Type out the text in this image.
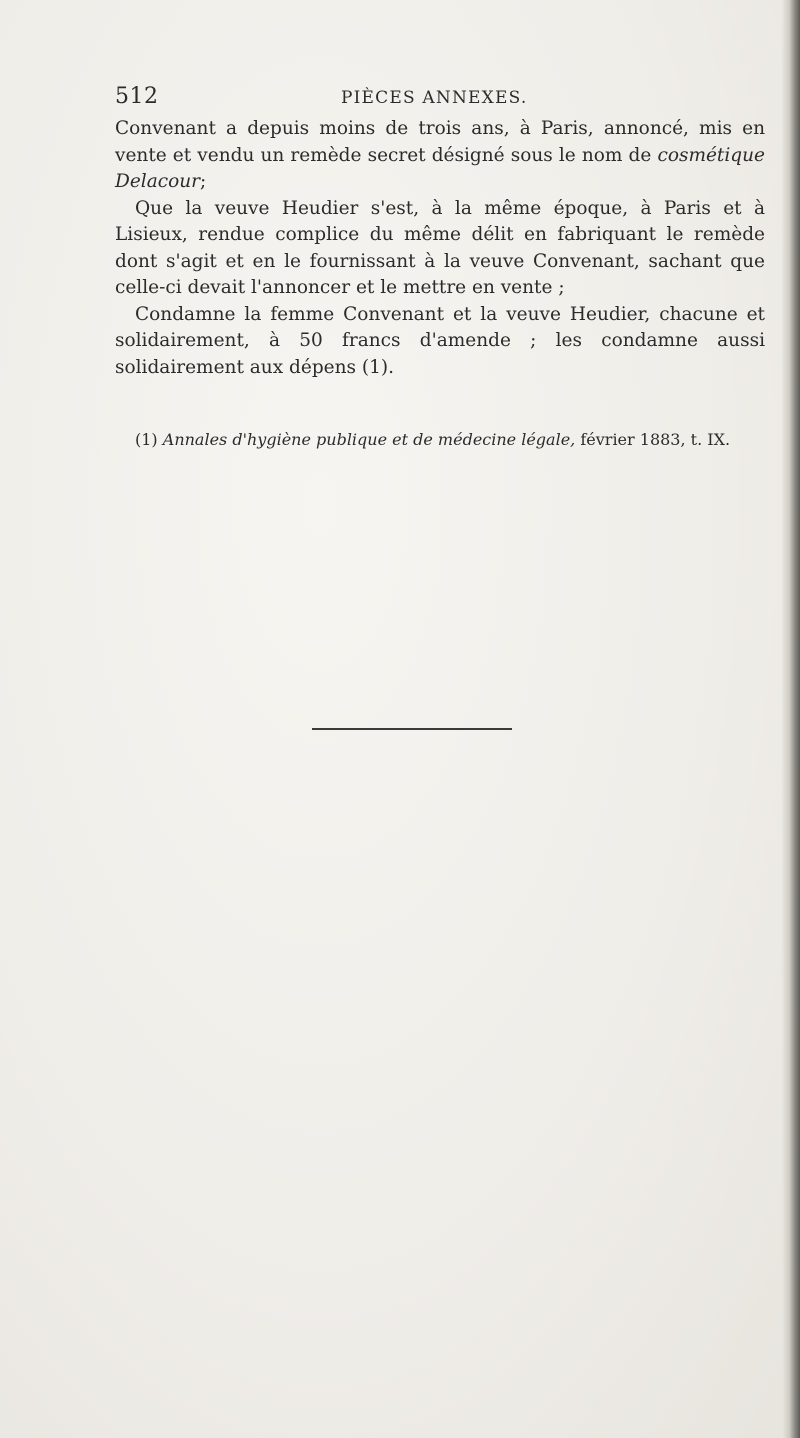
512	PIÈCES ANNEXES.

Convenant a depuis moins de trois ans, à Paris, annoncé, mis en vente et vendu un remède secret désigné sous le nom de cosmétique Delacour;

Que la veuve Heudier s'est, à la même époque, à Paris et à Lisieux, rendue complice du même délit en fabriquant le remède dont s'agit et en le fournissant à la veuve Convenant, sachant que celle-ci devait l'annoncer et le mettre en vente ;

Condamne la femme Convenant et la veuve Heudier, chacune et solidairement, à 50 francs d'amende ; les condamne aussi solidairement aux dépens (1).

(1) Annales d'hygiène publique et de médecine légale, février 1883, t. IX.
